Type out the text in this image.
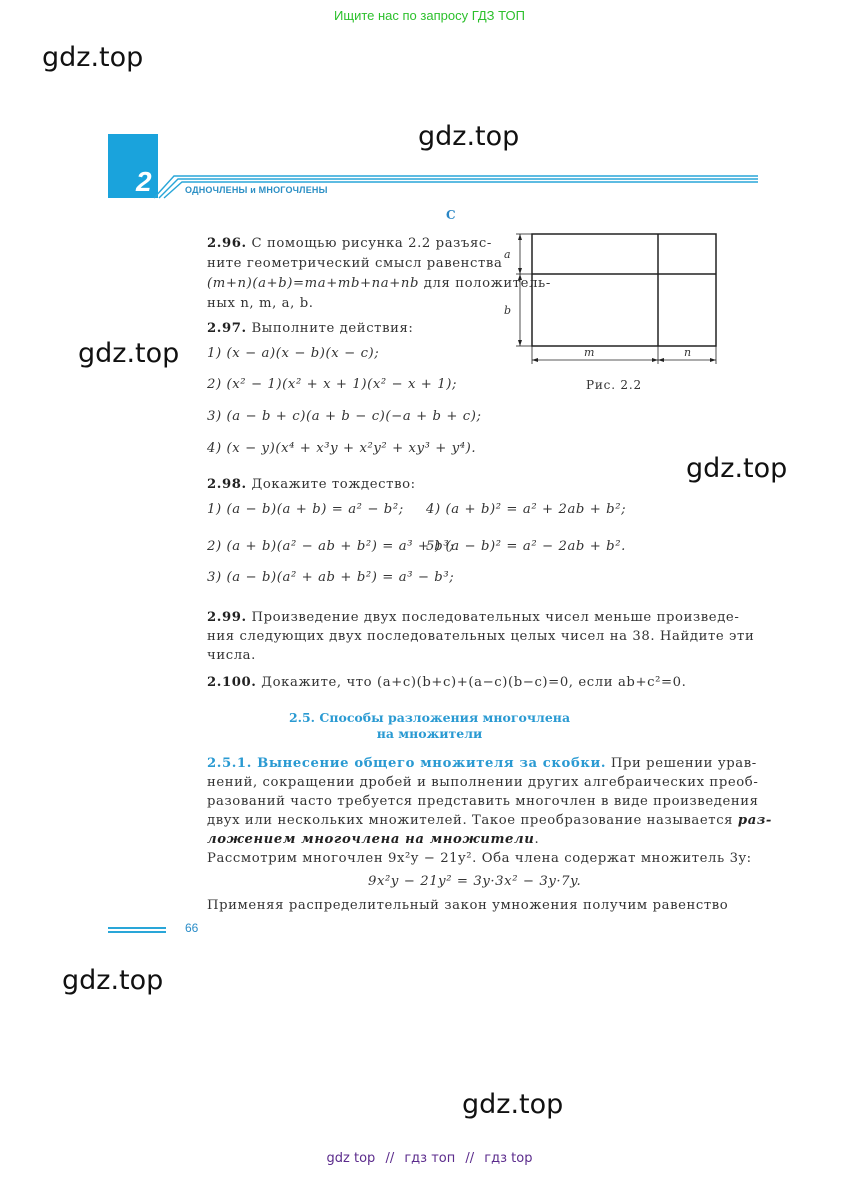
Ищите нас по запросу ГДЗ ТОП
gdz.top
gdz.top
gdz.top
gdz.top
gdz.top
gdz.top
2	ОДНОЧЛЕНЫ и МНОГОЧЛЕНЫ
C
2.96. С помощью рисунка 2.2 разъяс-
ните геометрический смысл равенства
(m+n)(a+b)=ma+mb+na+nb для положитель-
ных n, m, a, b.
a
b
m	n
Рис. 2.2
2.97. Выполните действия:
1) (x − a)(x − b)(x − c);
2) (x² − 1)(x² + x + 1)(x² − x + 1);
3) (a − b + c)(a + b − c)(−a + b + c);
4) (x − y)(x⁴ + x³y + x²y² + xy³ + y⁴).
2.98. Докажите тождество:
1) (a − b)(a + b) = a² − b²;
2) (a + b)(a² − ab + b²) = a³ + b³;
3) (a − b)(a² + ab + b²) = a³ − b³;
4) (a + b)² = a² + 2ab + b²;
5) (a − b)² = a² − 2ab + b².
2.99. Произведение двух последовательных чисел меньше произведе-
ния следующих двух последовательных целых чисел на 38. Найдите эти
числа.
2.100. Докажите, что (a+c)(b+c)+(a−c)(b−c)=0, если ab+c²=0.
2.5. Способы разложения многочлена
на множители
2.5.1. Вынесение общего множителя за скобки. При решении урав-
нений, сокращении дробей и выполнении других алгебраических преоб-
разований часто требуется представить многочлен в виде произведения
двух или нескольких множителей. Такое преобразование называется раз-
ложением многочлена на множители.
Рассмотрим многочлен 9x²y − 21y². Оба члена содержат множитель 3y:
9x²y − 21y² = 3y·3x² − 3y·7y.
Применяя распределительный закон умножения получим равенство
66
gdz top // гдз топ // гдз top
